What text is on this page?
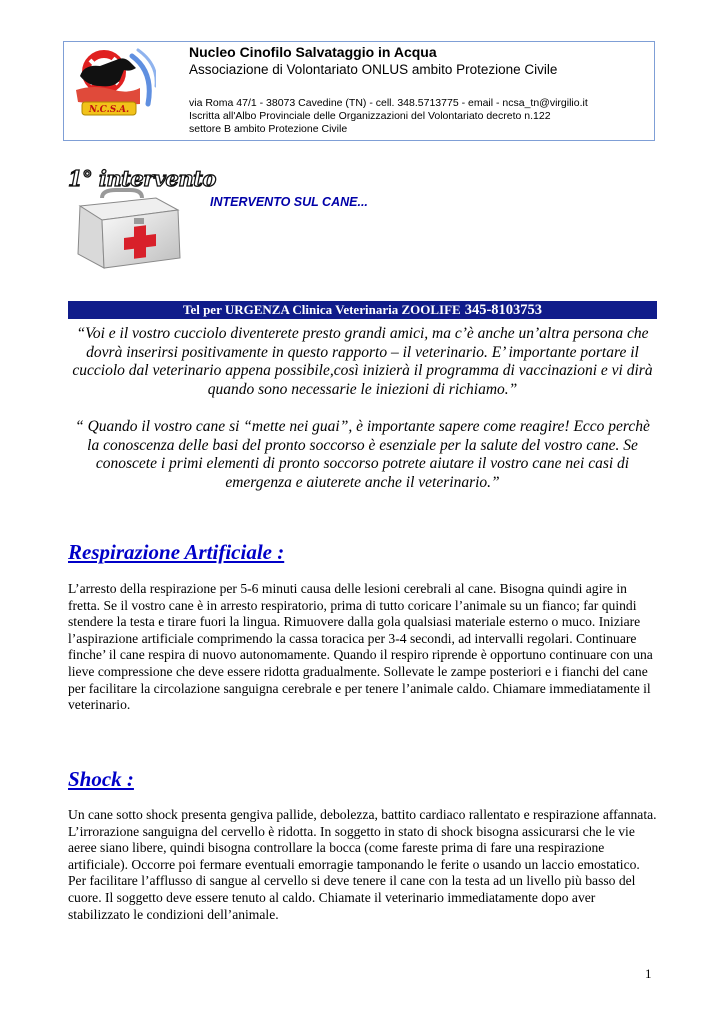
N.C.S.A.
Nucleo Cinofilo Salvataggio in Acqua
Associazione di Volontariato ONLUS ambito Protezione Civile
via Roma 47/1 - 38073 Cavedine (TN) - cell. 348.5713775 - email - ncsa_tn@virgilio.it
Iscritta all'Albo Provinciale delle Organizzazioni del Volontariato decreto n.122
settore B ambito Protezione Civile
1° intervento
INTERVENTO SUL CANE...
Tel per URGENZA Clinica Veterinaria ZOOLIFE 345-8103753
“Voi e il vostro cucciolo diventerete presto grandi amici, ma c’è anche un’altra persona che dovrà inserirsi positivamente in questo rapporto – il veterinario. E’ importante portare il cucciolo dal veterinario appena possibile,così inizierà il programma di vaccinazioni e vi dirà quando sono necessarie le iniezioni di richiamo.”
“ Quando il vostro cane si “mette nei guai”, è importante sapere come reagire! Ecco perchè la conoscenza delle basi del pronto soccorso è esenziale per la salute del vostro cane. Se conoscete i primi elementi di pronto soccorso potrete aiutare il vostro cane nei casi di emergenza e aiuterete anche il veterinario.”
Respirazione Artificiale :
L’arresto della respirazione per 5-6 minuti causa delle lesioni cerebrali al cane. Bisogna quindi agire in fretta. Se il vostro cane è in arresto respiratorio, prima di tutto coricare l’animale su un fianco; far quindi stendere la testa e tirare fuori la lingua. Rimuovere dalla gola qualsiasi materiale esterno o muco. Iniziare l’aspirazione artificiale comprimendo la cassa toracica per 3-4 secondi, ad intervalli regolari. Continuare finche’ il cane respira di nuovo autonomamente. Quando il respiro riprende è opportuno continuare con una lieve compressione che deve essere ridotta gradualmente. Sollevate le zampe posteriori e i fianchi del cane per facilitare la circolazione sanguigna cerebrale e per tenere l’animale caldo. Chiamare immediatamente il veterinario.
Shock :
Un cane sotto shock presenta gengiva pallide, debolezza, battito cardiaco rallentato e respirazione affannata. L’irrorazione sanguigna del cervello è ridotta. In soggetto in stato di shock bisogna assicurarsi che le vie aeree siano libere, quindi bisogna controllare la bocca (come fareste prima di fare una respirazione artificiale). Occorre poi fermare eventuali emorragie tamponando le ferite o usando un laccio emostatico. Per facilitare l’afflusso di sangue al cervello si deve tenere il cane con la testa ad un livello più basso del cuore. Il soggetto deve essere tenuto al caldo. Chiamate il veterinario immediatamente dopo aver stabilizzato le condizioni dell’animale.
1
